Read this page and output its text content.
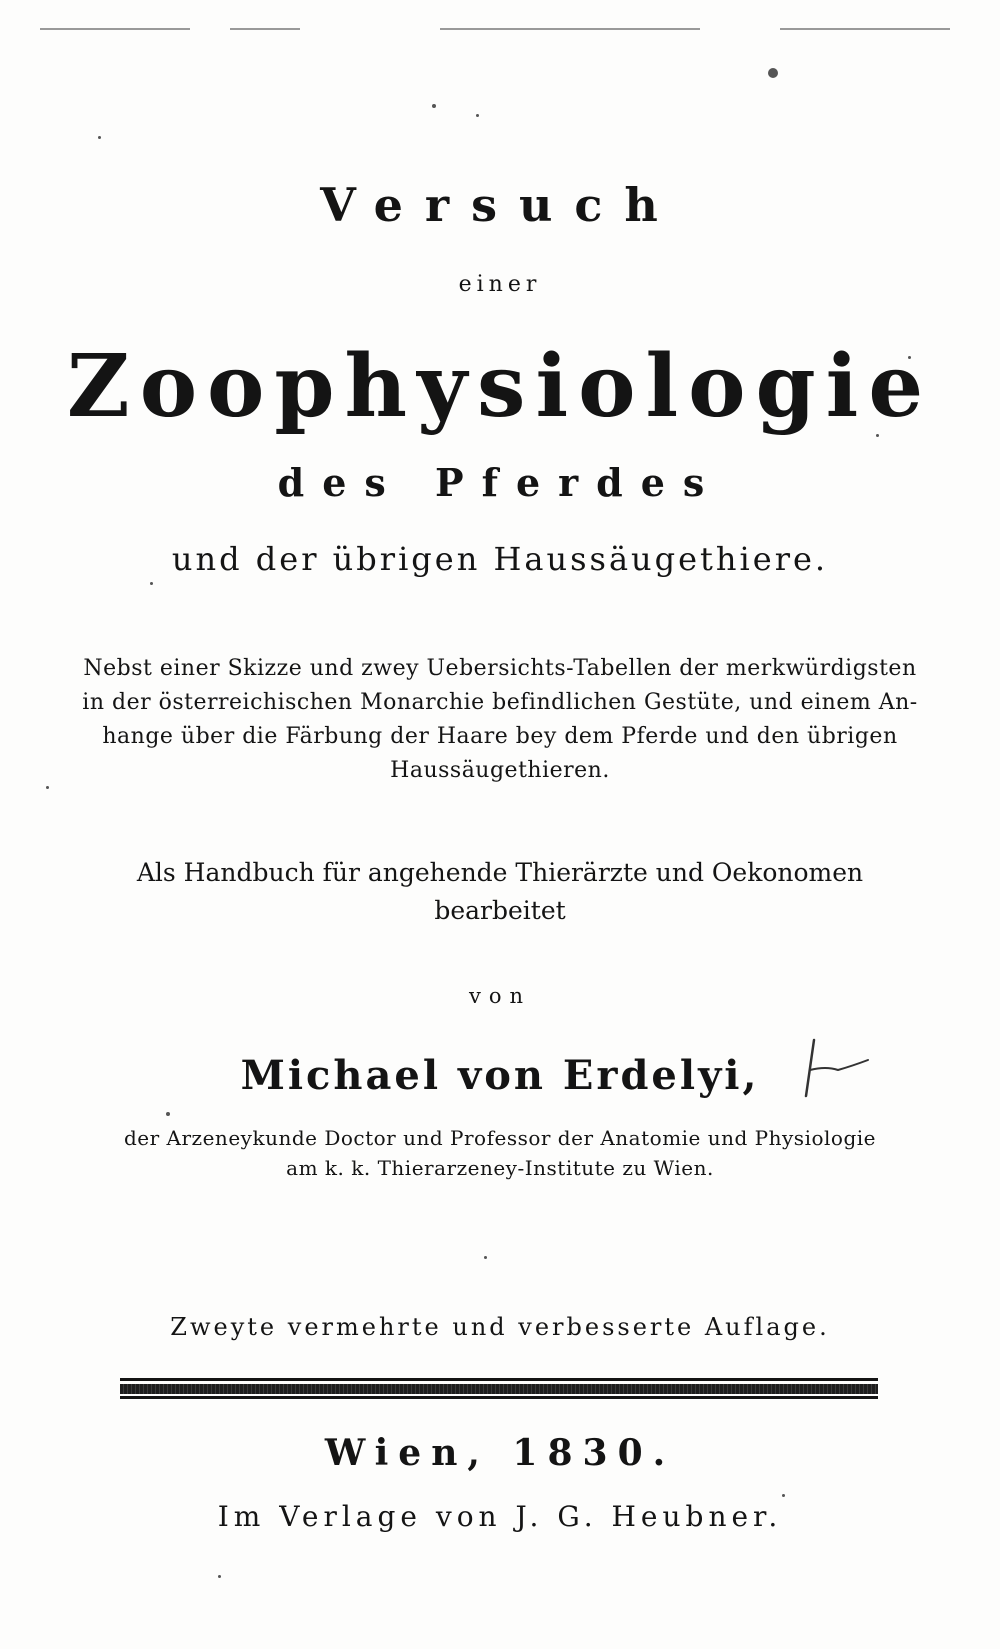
Versuch
einer
Zoophysiologie
des Pferdes
und der übrigen Haussäugethiere.
Nebst einer Skizze und zwey Uebersichts-Tabellen der merkwürdigsten
in der österreichischen Monarchie befindlichen Gestüte, und einem An-
hange über die Färbung der Haare bey dem Pferde und den übrigen
Haussäugethieren.
Als Handbuch für angehende Thierärzte und Oekonomen
bearbeitet
von
Michael von Erdelyi,
der Arzeneykunde Doctor und Professor der Anatomie und Physiologie
am k. k. Thierarzeney-Institute zu Wien.
Zweyte vermehrte und verbesserte Auflage.
Wien, 1830.
Im Verlage von J. G. Heubner.
